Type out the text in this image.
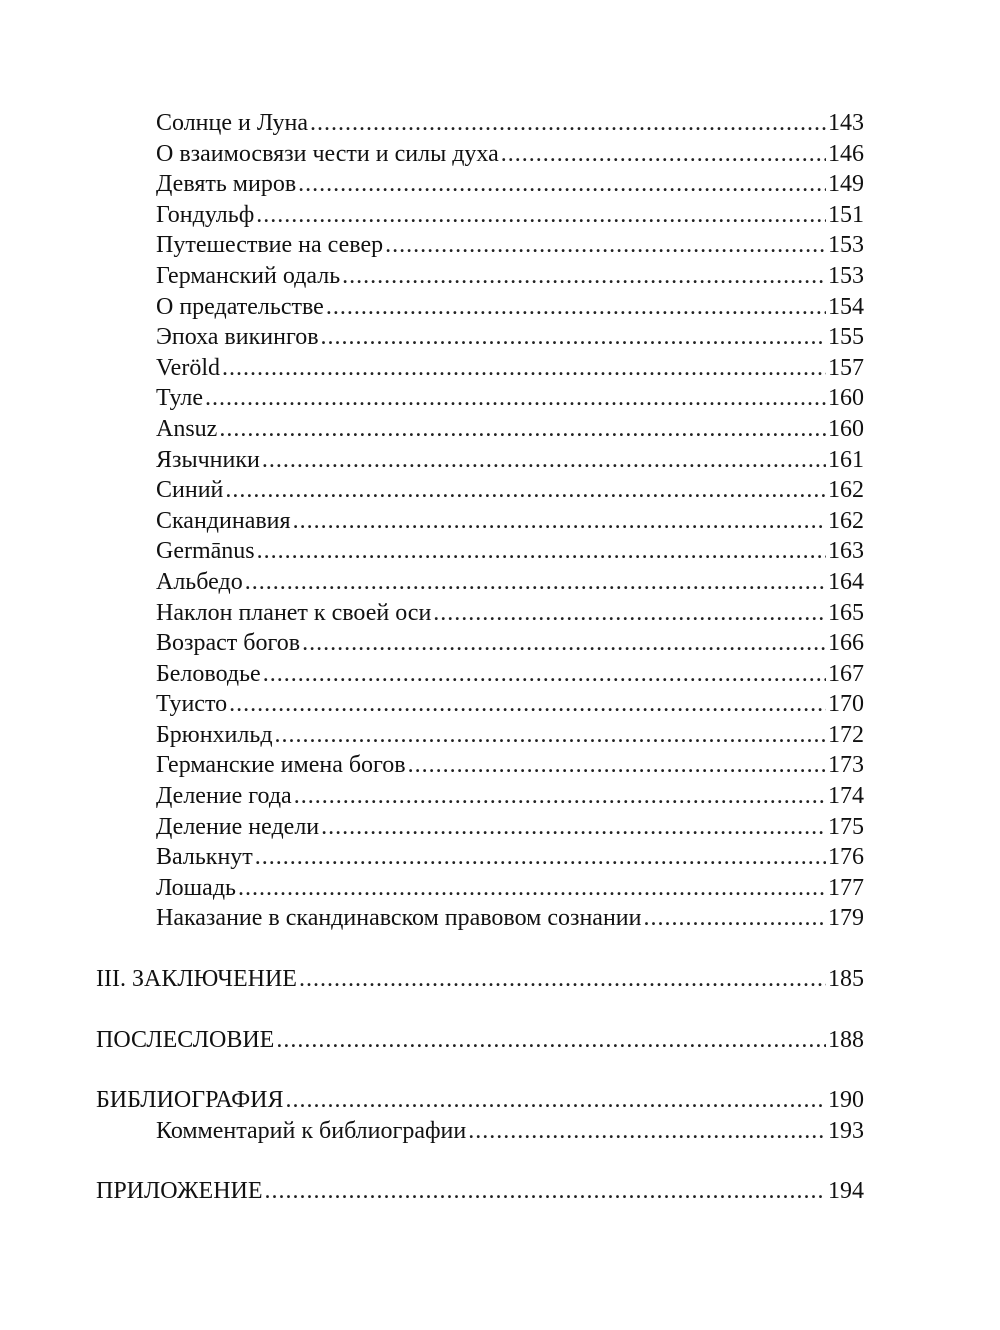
Солнце и Луна .....	143
О взаимосвязи чести и силы духа .....	146
Девять миров .....	149
Гондульф .....	151
Путешествие на север .....	153
Германский одаль .....	153
О предательстве .....	154
Эпоха викингов .....	155
Veröld .....	157
Туле .....	160
Ansuz .....	160
Язычники .....	161
Синий .....	162
Скандинавия .....	162
Germānus .....	163
Альбедо .....	164
Наклон планет к своей оси .....	165
Возраст богов .....	166
Беловодье .....	167
Туисто .....	170
Брюнхильд .....	172
Германские имена богов .....	173
Деление года .....	174
Деление недели .....	175
Валькнут .....	176
Лошадь .....	177
Наказание в скандинавском правовом сознании .....	179
III. ЗАКЛЮЧЕНИЕ .....	185
ПОСЛЕСЛОВИЕ .....	188
БИБЛИОГРАФИЯ .....	190
Комментарий к библиографии .....	193
ПРИЛОЖЕНИЕ .....	194
